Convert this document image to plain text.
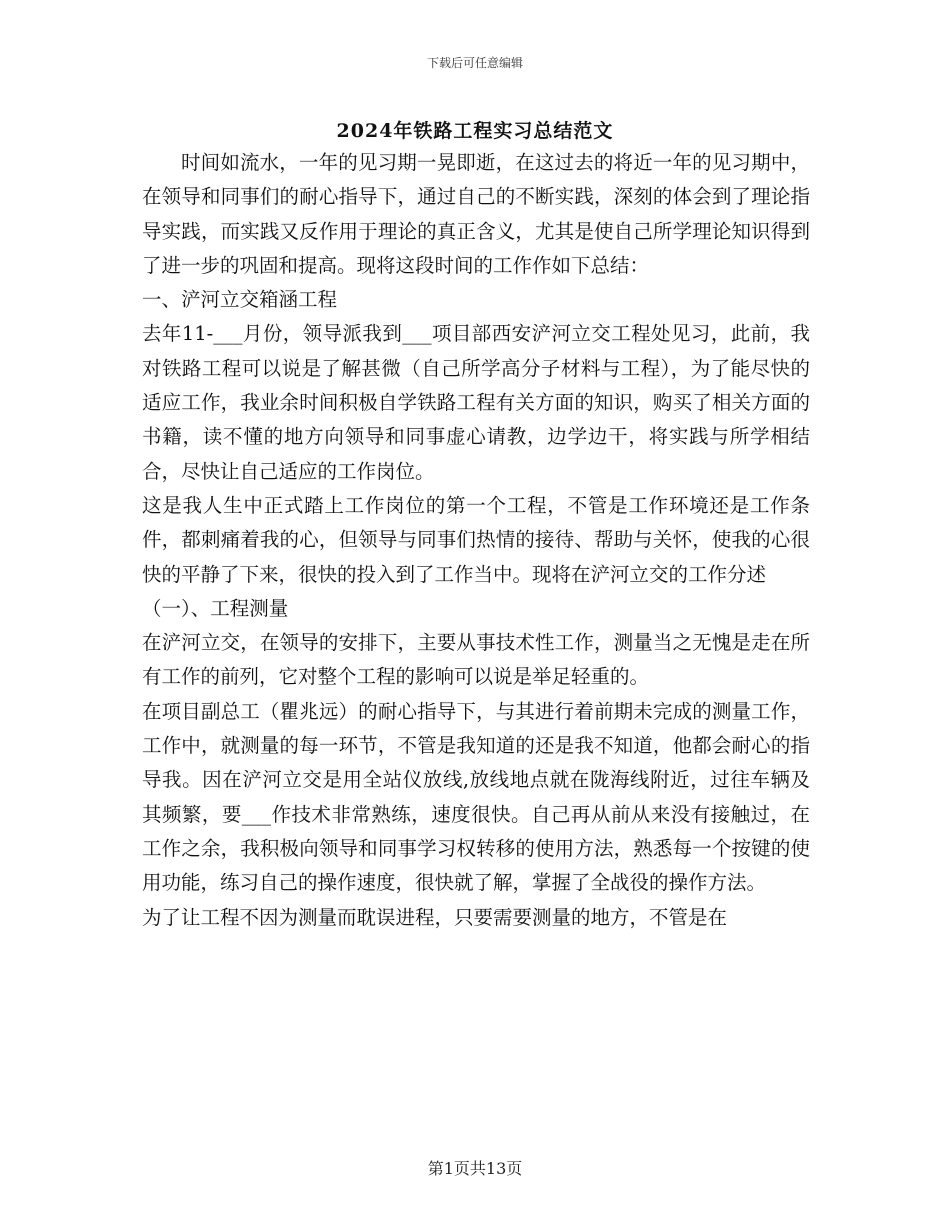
下载后可任意编辑
2024年铁路工程实习总结范文

时间如流水，一年的见习期一晃即逝，在这过去的将近一年的见习期中，在领导和同事们的耐心指导下，通过自己的不断实践，深刻的体会到了理论指导实践，而实践又反作用于理论的真正含义，尤其是使自己所学理论知识得到了进一步的巩固和提高。现将这段时间的工作作如下总结：

一、浐河立交箱涵工程

去年11-___月份，领导派我到___项目部西安浐河立交工程处见习，此前，我对铁路工程可以说是了解甚微（自己所学高分子材料与工程），为了能尽快的适应工作，我业余时间积极自学铁路工程有关方面的知识，购买了相关方面的书籍，读不懂的地方向领导和同事虚心请教，边学边干，将实践与所学相结合，尽快让自己适应的工作岗位。

这是我人生中正式踏上工作岗位的第一个工程，不管是工作环境还是工作条件，都刺痛着我的心，但领导与同事们热情的接待、帮助与关怀，使我的心很快的平静了下来，很快的投入到了工作当中。现将在浐河立交的工作分述

（一）、工程测量

在浐河立交，在领导的安排下，主要从事技术性工作，测量当之无愧是走在所有工作的前列，它对整个工程的影响可以说是举足轻重的。

在项目副总工（瞿兆远）的耐心指导下，与其进行着前期未完成的测量工作，工作中，就测量的每一环节，不管是我知道的还是我不知道，他都会耐心的指导我。因在浐河立交是用全站仪放线,放线地点就在陇海线附近，过往车辆及其频繁，要___作技术非常熟练，速度很快。自己再从前从来没有接触过，在工作之余，我积极向领导和同事学习权转移的使用方法，熟悉每一个按键的使用功能，练习自己的操作速度，很快就了解，掌握了全战役的操作方法。

为了让工程不因为测量而耽误进程，只要需要测量的地方，不管是在

第1页共13页
